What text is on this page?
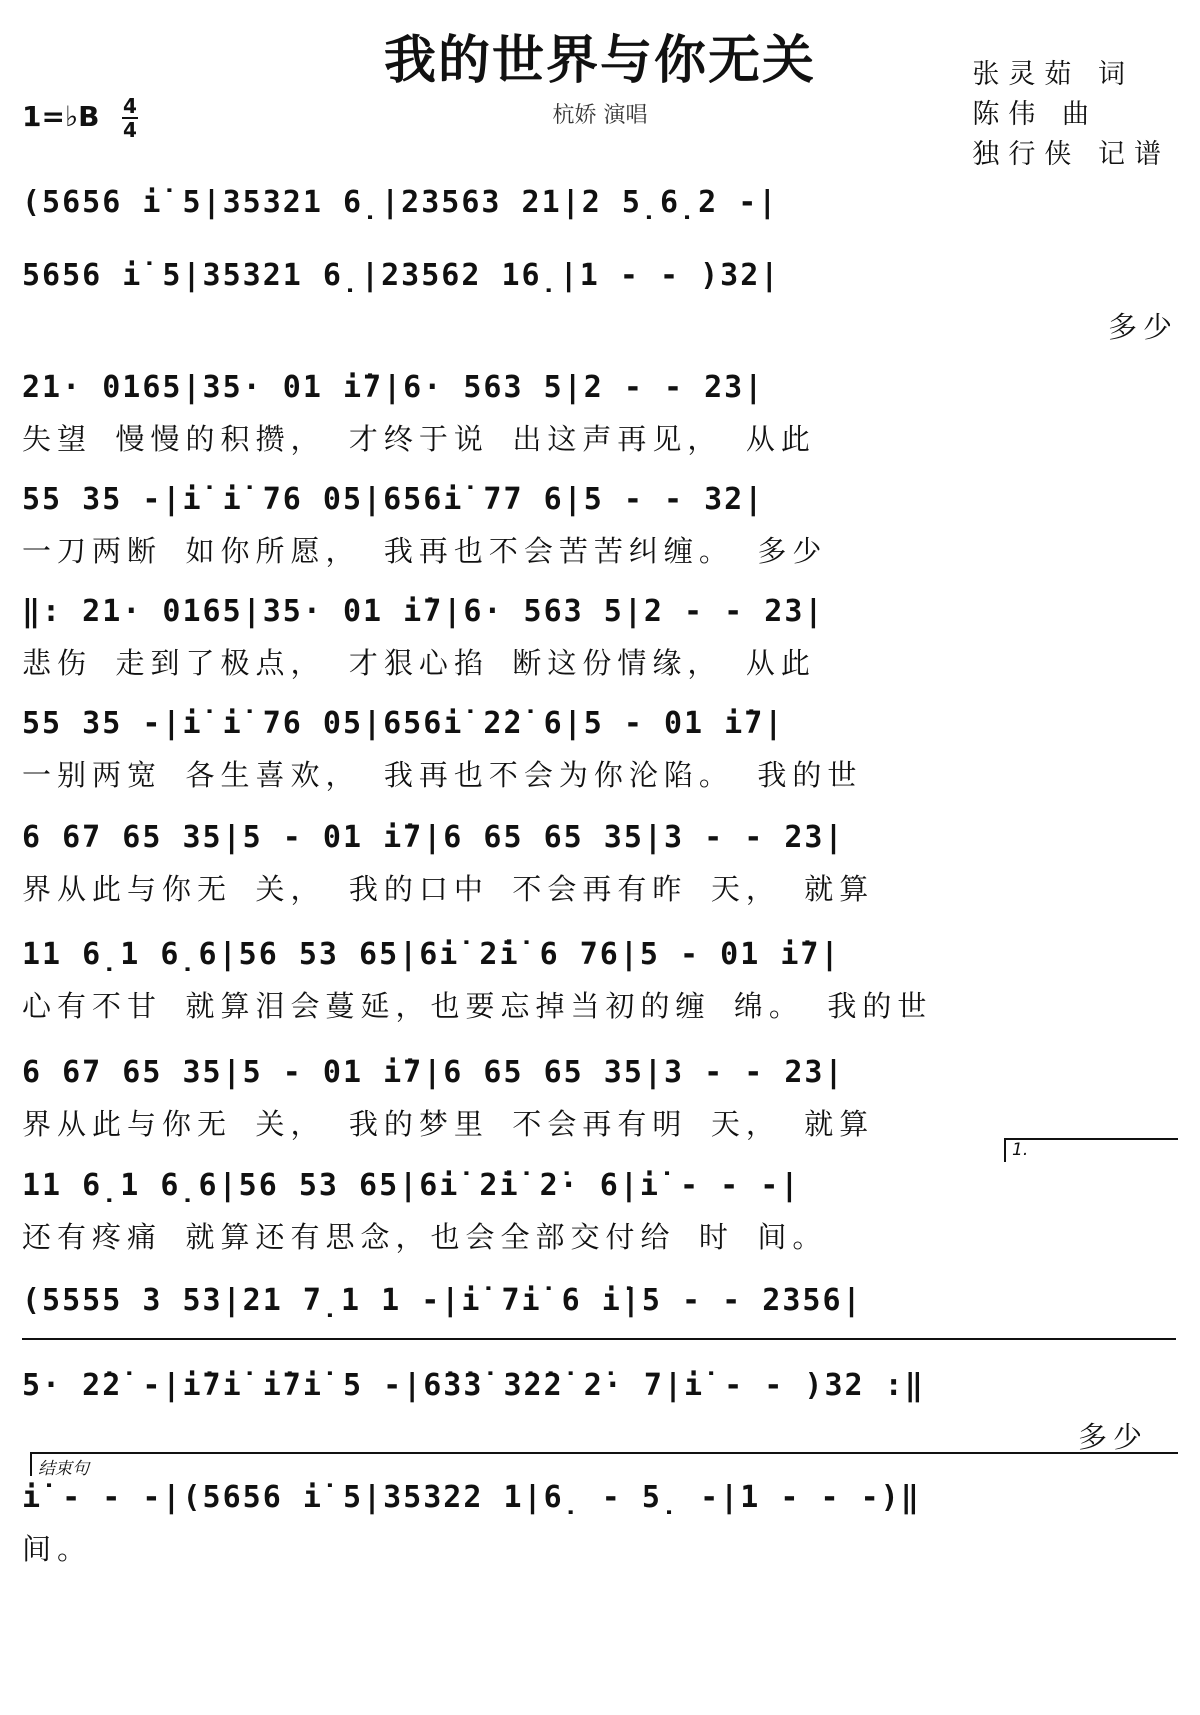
我的世界与你无关
杭娇 演唱
张灵茹 词
陈伟 曲
独行侠 记谱
1=♭B 4
4
(5656 i̇ 5|35321 6̣|23563 21|2 5̣6̣2 -|
5656 i̇ 5|35321 6̣|23562 16̣|1 - - )32|
多少
21· 0165|35· 01 i̇7|6· 563 5|2 - - 23|
失望 慢慢的积攒， 才终于说 出这声再见， 从此
55 35 -|i̇ i̇ 76 05|656i̇ 77 6|5 - - 32|
一刀两断 如你所愿， 我再也不会苦苦纠缠。 多少
‖: 21· 0165|35· 01 i̇7|6· 563 5|2 - - 23|
悲伤 走到了极点， 才狠心掐 断这份情缘， 从此
55 35 -|i̇ i̇ 76 05|656i̇ 2̇2̇ 6|5 - 01 i̇7|
一别两宽 各生喜欢， 我再也不会为你沦陷。 我的世
6 67 65 35|5 - 01 i̇7|6 65 65 35|3 - - 23|
界从此与你无 关， 我的口中 不会再有昨 天， 就算
11 6̣1 6̣6|56 53 65|6i̇ 2̇i̇ 6 76|5 - 01 i̇7|
心有不甘 就算泪会蔓延，也要忘掉当初的缠 绵。 我的世
6 67 65 35|5 - 01 i̇7|6 65 65 35|3 - - 23|
界从此与你无 关， 我的梦里 不会再有明 天， 就算
1.
11 6̣1 6̣6|56 53 65|6i̇ 2̇i̇ 2̇· 6|i̇ - - -|
还有疼痛 就算还有思念，也会全部交付给 时 间。
(5555 3 53|21 7̣1 1 -|i̇ 7i̇ 6 i̇|5 - - 2356|
5· 2̇2̇ -|i̇7i̇ i̇7i̇ 5 -|6̇3̇3̇ 3̇2̇2̇ 2̇· 7|i̇ - - )32 :‖
多少
结束句
i̇ - - -|(5656 i̇ 5|35322 1|6̣ - 5̣ -|1 - - -)‖
间。
